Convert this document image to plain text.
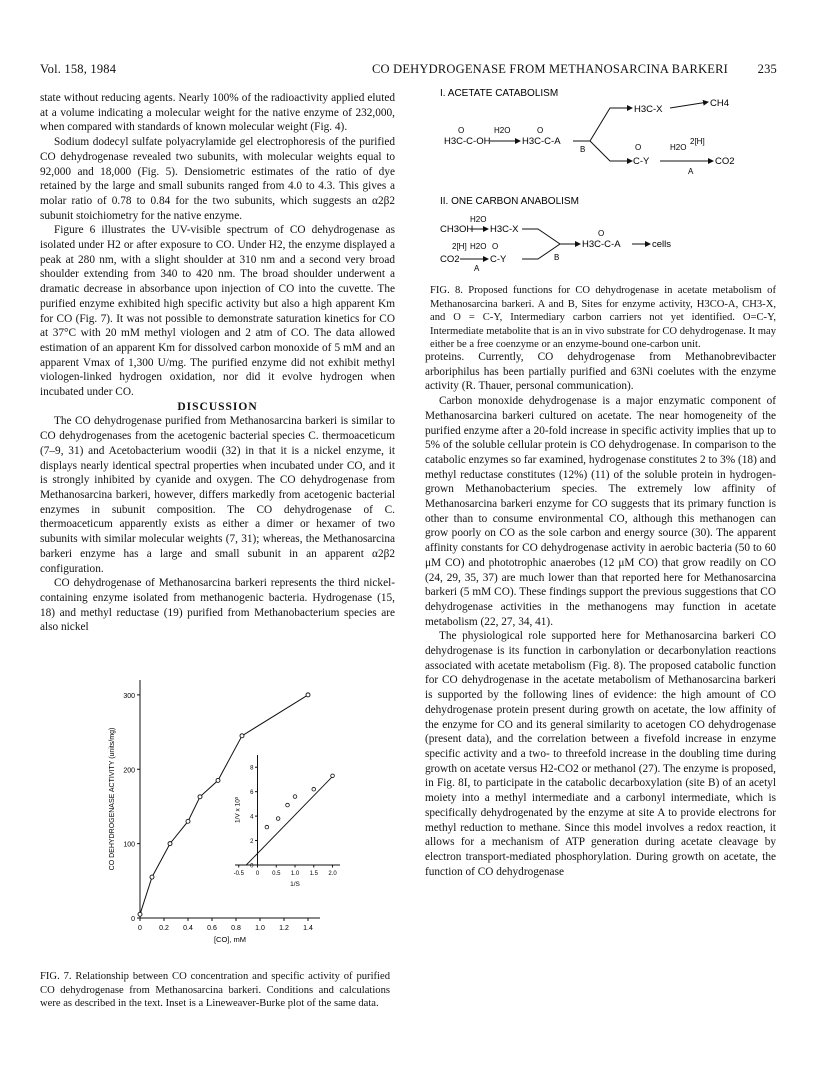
Vol. 158, 1984	CO DEHYDROGENASE FROM METHANOSARCINA BARKERI 235

state without reducing agents. Nearly 100% of the radioactivity applied eluted at a volume indicating a molecular weight for the native enzyme of 232,000, when compared with standards of known molecular weight (Fig. 4).

Sodium dodecyl sulfate polyacrylamide gel electrophoresis of the purified CO dehydrogenase revealed two subunits, with molecular weights equal to 92,000 and 18,000 (Fig. 5). Densiometric estimates of the ratio of dye retained by the large and small subunits ranged from 4.0 to 4.3. This gives a molar ratio of 0.78 to 0.84 for the two subunits, which suggests an α2β2 subunit stoichiometry for the native enzyme.

Figure 6 illustrates the UV-visible spectrum of CO dehydrogenase as isolated under H2 or after exposure to CO. Under H2, the enzyme displayed a peak at 280 nm, with a slight shoulder at 310 nm and a second very broad shoulder extending from 340 to 420 nm. The broad shoulder underwent a dramatic decrease in absorbance upon injection of CO into the cuvette. The purified enzyme exhibited high specific activity but also a high apparent Km for CO (Fig. 7). It was not possible to demonstrate saturation kinetics for CO at 37°C with 20 mM methyl viologen and 2 atm of CO. The data allowed estimation of an apparent Km for dissolved carbon monoxide of 5 mM and an apparent Vmax of 1,300 U/mg. The purified enzyme did not exhibit methyl viologen-linked hydrogen oxidation, nor did it evolve hydrogen when incubated under CO.

DISCUSSION

The CO dehydrogenase purified from Methanosarcina barkeri is similar to CO dehydrogenases from the acetogenic bacterial species C. thermoaceticum (7–9, 31) and Acetobacterium woodii (32) in that it is a nickel enzyme, it displays nearly identical spectral properties when incubated under CO, and it is strongly inhibited by cyanide and oxygen. The CO dehydrogenase from Methanosarcina barkeri, however, differs markedly from acetogenic bacterial enzymes in subunit composition. The CO dehydrogenase of C. thermoaceticum apparently exists as either a dimer or hexamer of two subunits with similar molecular weights (7, 31); whereas, the Methanosarcina barkeri enzyme has a large and small subunit in an apparent α2β2 configuration.

CO dehydrogenase of Methanosarcina barkeri represents the third nickel-containing enzyme isolated from methanogenic bacteria. Hydrogenase (15, 18) and methyl reductase (19) purified from Methanobacterium species are also nickel

0 0.2 0.4 0.6 0.8 1.0 1.2 1.4
0
100
200
300
[CO], mM
CO DEHYDROGENASE ACTIVITY (units/mg)
-0.5 0 0.5 1.0 1.5 2.0
0
2
4
6
8
1/S
1/V x 10³
FIG. 7. Relationship between CO concentration and specific activity of purified CO dehydrogenase from Methanosarcina barkeri. Conditions and calculations were as described in the text. Inset is a Lineweaver-Burke plot of the same data.
I. ACETATE CATABOLISM
O
H3C-C-OH
H2O	O
H3C-C-A
B
H3C-X
CH4
O
C-Y
H2O
2[H]
A
CO2
II. ONE CARBON ANABOLISM
H2O
CH3OH H3C-X
2[H] H2O
CO2
A
O
C-Y	B
O
H3C-C-A	cells
FIG. 8. Proposed functions for CO dehydrogenase in acetate metabolism of Methanosarcina barkeri. A and B, Sites for enzyme activity, H3CO-A, CH3-X, and O = C-Y, Intermediary carbon carriers not yet identified. O=C-Y, Intermediate metabolite that is an in vivo substrate for CO dehydrogenase. It may either be a free coenzyme or an enzyme-bound one-carbon unit.

proteins. Currently, CO dehydrogenase from Methanobrevibacter arboriphilus has been partially purified and 63Ni coelutes with the enzyme activity (R. Thauer, personal communication).

Carbon monoxide dehydrogenase is a major enzymatic component of Methanosarcina barkeri cultured on acetate. The near homogeneity of the purified enzyme after a 20-fold increase in specific activity implies that up to 5% of the soluble cellular protein is CO dehydrogenase. In comparison to the catabolic enzymes so far examined, hydrogenase constitutes 2 to 3% (18) and methyl reductase constitutes (12%) (11) of the soluble protein in hydrogen-grown Methanobacterium species. The extremely low affinity of Methanosarcina barkeri enzyme for CO suggests that its primary function is other than to consume environmental CO, although this methanogen can grow poorly on CO as the sole carbon and energy source (30). The apparent affinity constants for CO dehydrogenase activity in aerobic bacteria (50 to 60 μM CO) and phototrophic anaerobes (12 μM CO) that grow readily on CO (24, 29, 35, 37) are much lower than that reported here for Methanosarcina barkeri (5 mM CO). These findings support the previous suggestions that CO dehydrogenase activities in the methanogens may function in acetate metabolism (22, 27, 34, 41).

The physiological role supported here for Methanosarcina barkeri CO dehydrogenase is its function in carbonylation or decarbonylation reactions associated with acetate metabolism (Fig. 8). The proposed catabolic function for CO dehydrogenase in the acetate metabolism of Methanosarcina barkeri is supported by the following lines of evidence: the high amount of CO dehydrogenase protein present during growth on acetate, the low affinity of the enzyme for CO and its general similarity to acetogen CO dehydrogenase (present data), and the correlation between a fivefold increase in enzyme specific activity and a two- to threefold increase in the doubling time during growth on acetate versus H2-CO2 or methanol (27). The enzyme is proposed, in Fig. 8I, to participate in the catabolic decarboxylation (site B) of an acetyl moiety into a methyl intermediate and a carbonyl intermediate, which is specifically dehydrogenated by the enzyme at site A to provide electrons for methyl reduction to methane. Since this model involves a redox reaction, it allows for a mechanism of ATP generation during acetate cleavage by electron transport-mediated phosphorylation. During growth on acetate, the function of CO dehydrogenase
